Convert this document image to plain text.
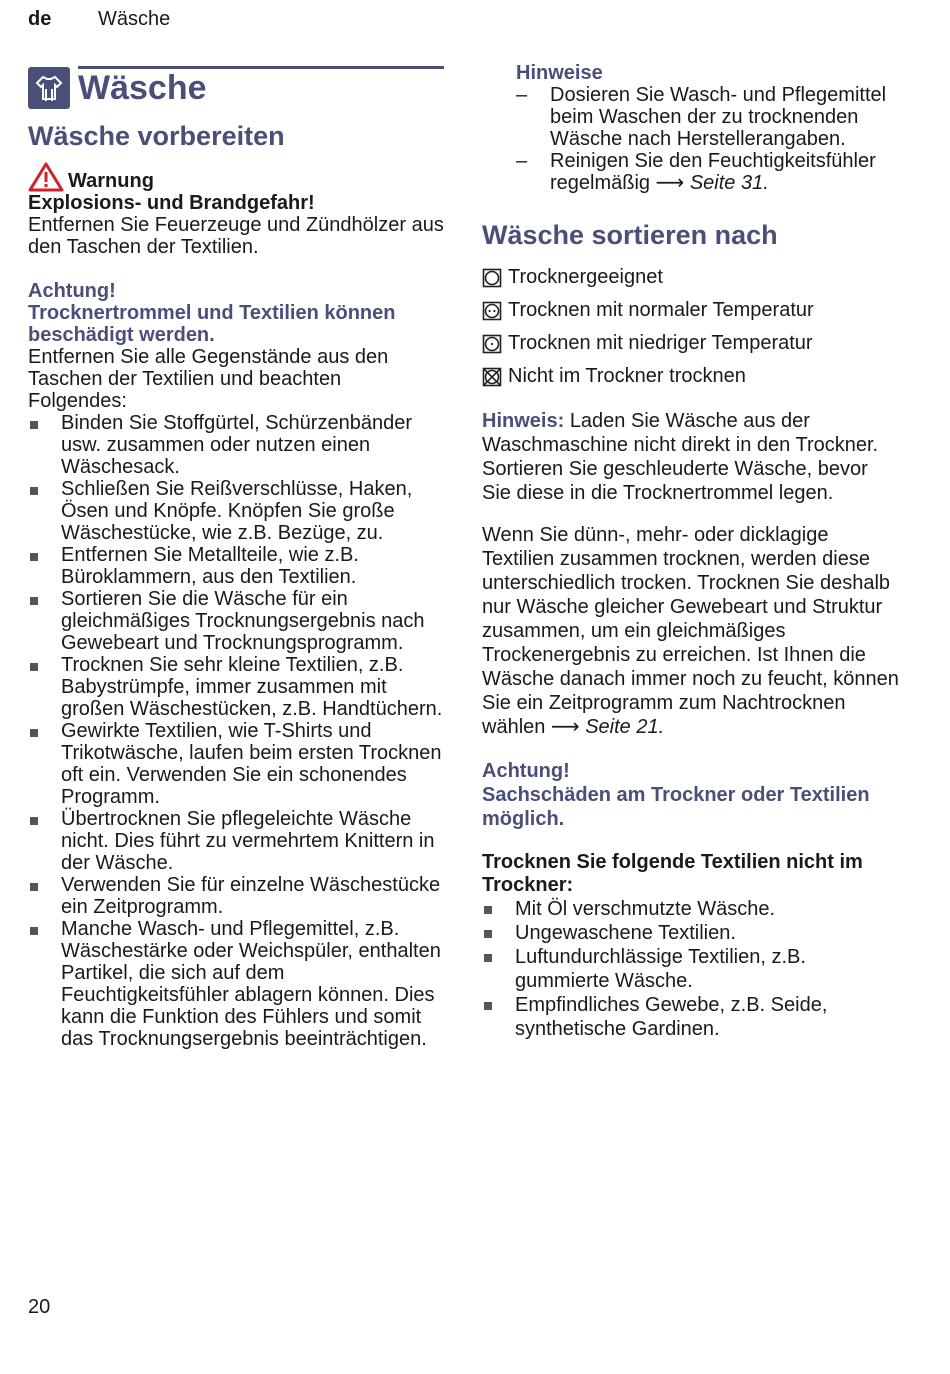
de Wäsche
Wäsche
Wäsche vorbereiten
Warnung

Explosions- und Brandgefahr!

Entfernen Sie Feuerzeuge und Zündhölzer aus den Taschen der Textilien.

Achtung!

Trocknertrommel und Textilien können beschädigt werden.

Entfernen Sie alle Gegenstände aus den Taschen der Textilien und beachten Folgendes:

Binden Sie Stoffgürtel, Schürzenbänder usw. zusammen oder nutzen einen Wäschesack.
Schließen Sie Reißverschlüsse, Haken, Ösen und Knöpfe. Knöpfen Sie große Wäschestücke, wie z.B. Bezüge, zu.
Entfernen Sie Metallteile, wie z.B. Büroklammern, aus den Textilien.
Sortieren Sie die Wäsche für ein gleichmäßiges Trocknungsergebnis nach Gewebeart und Trocknungsprogramm.
Trocknen Sie sehr kleine Textilien, z.B. Babystrümpfe, immer zusammen mit großen Wäschestücken, z.B. Handtüchern.
Gewirkte Textilien, wie T-Shirts und Trikotwäsche, laufen beim ersten Trocknen oft ein. Verwenden Sie ein schonendes Programm.
Übertrocknen Sie pflegeleichte Wäsche nicht. Dies führt zu vermehrtem Knittern in der Wäsche.
Verwenden Sie für einzelne Wäschestücke ein Zeitprogramm.
Manche Wasch- und Pflegemittel, z.B. Wäschestärke oder Weichspüler, enthalten Partikel, die sich auf dem Feuchtigkeitsfühler ablagern können. Dies kann die Funktion des Fühlers und somit das Trocknungsergebnis beeinträchtigen.

Hinweise

– Dosieren Sie Wasch- und Pflegemittel beim Waschen der zu trocknenden Wäsche nach Herstellerangaben.
– Reinigen Sie den Feuchtigkeitsfühler regelmäßig ⟶ Seite 31.
Wäsche sortieren nach
Trocknergeeignet
Trocknen mit normaler Temperatur
Trocknen mit niedriger Temperatur
Nicht im Trockner trocknen

Hinweis: Laden Sie Wäsche aus der Waschmaschine nicht direkt in den Trockner. Sortieren Sie geschleuderte Wäsche, bevor Sie diese in die Trocknertrommel legen.

Wenn Sie dünn-, mehr- oder dicklagige Textilien zusammen trocknen, werden diese unterschiedlich trocken. Trocknen Sie deshalb nur Wäsche gleicher Gewebeart und Struktur zusammen, um ein gleichmäßiges Trockenergebnis zu erreichen. Ist Ihnen die Wäsche danach immer noch zu feucht, können Sie ein Zeitprogramm zum Nachtrocknen wählen ⟶ Seite 21.

Achtung!

Sachschäden am Trockner oder Textilien möglich.

Trocknen Sie folgende Textilien nicht im Trockner:

Mit Öl verschmutzte Wäsche.
Ungewaschene Textilien.
Luftundurchlässige Textilien, z.B. gummierte Wäsche.
Empfindliches Gewebe, z.B. Seide, synthetische Gardinen.
20
